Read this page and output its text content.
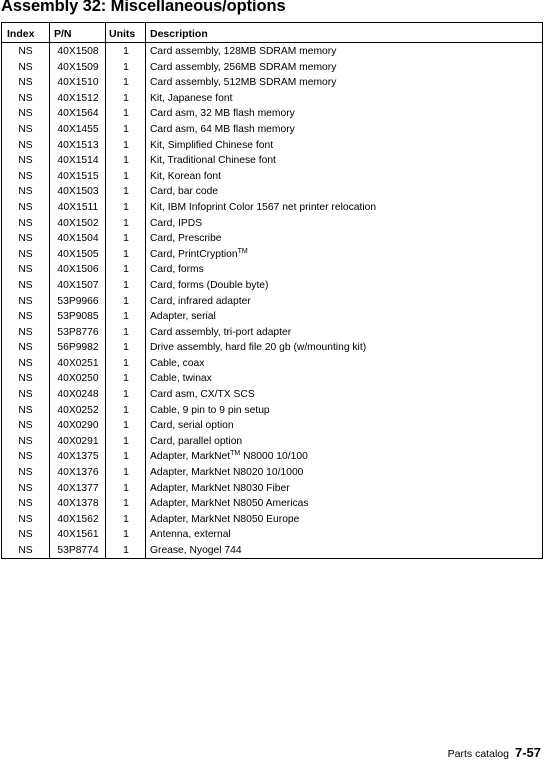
Assembly 32: Miscellaneous/options
Index P/N	Units Description
NS	40X1508	1	Card assembly, 128MB SDRAM memory
NS	40X1509	1	Card assembly, 256MB SDRAM memory
NS	40X1510	1	Card assembly, 512MB SDRAM memory
NS	40X1512	1	Kit, Japanese font
NS	40X1564	1	Card asm, 32 MB flash memory
NS	40X1455	1	Card asm, 64 MB flash memory
NS	40X1513	1	Kit, Simplified Chinese font
NS	40X1514	1	Kit, Traditional Chinese font
NS	40X1515	1	Kit, Korean font
NS	40X1503	1	Card, bar code
NS	40X1511	1	Kit, IBM Infoprint Color 1567 net printer relocation
NS	40X1502	1	Card, IPDS
NS	40X1504	1	Card, Prescribe
NS	40X1505	1	Card, PrintCryption™
NS	40X1506	1	Card, forms
NS	40X1507	1	Card, forms (Double byte)
NS	53P9966	1	Card, infrared adapter
NS	53P9085	1	Adapter, serial
NS	53P8776	1	Card assembly, tri-port adapter
NS	56P9982	1	Drive assembly, hard file 20 gb (w/mounting kit)
NS	40X0251	1	Cable, coax
NS	40X0250	1	Cable, twinax
NS	40X0248	1	Card asm, CX/TX SCS
NS	40X0252	1	Cable, 9 pin to 9 pin setup
NS	40X0290	1	Card, serial option
NS	40X0291	1	Card, parallel option
NS	40X1375	1	Adapter, MarkNet™ N8000 10/100
NS	40X1376	1	Adapter, MarkNet N8020 10/1000
NS	40X1377	1	Adapter, MarkNet N8030 Fiber
NS	40X1378	1	Adapter, MarkNet N8050 Americas
NS	40X1562	1	Adapter, MarkNet N8050 Europe
NS	40X1561	1	Antenna, external
NS	53P8774	1	Grease, Nyogel 744
Parts catalog 7-57
